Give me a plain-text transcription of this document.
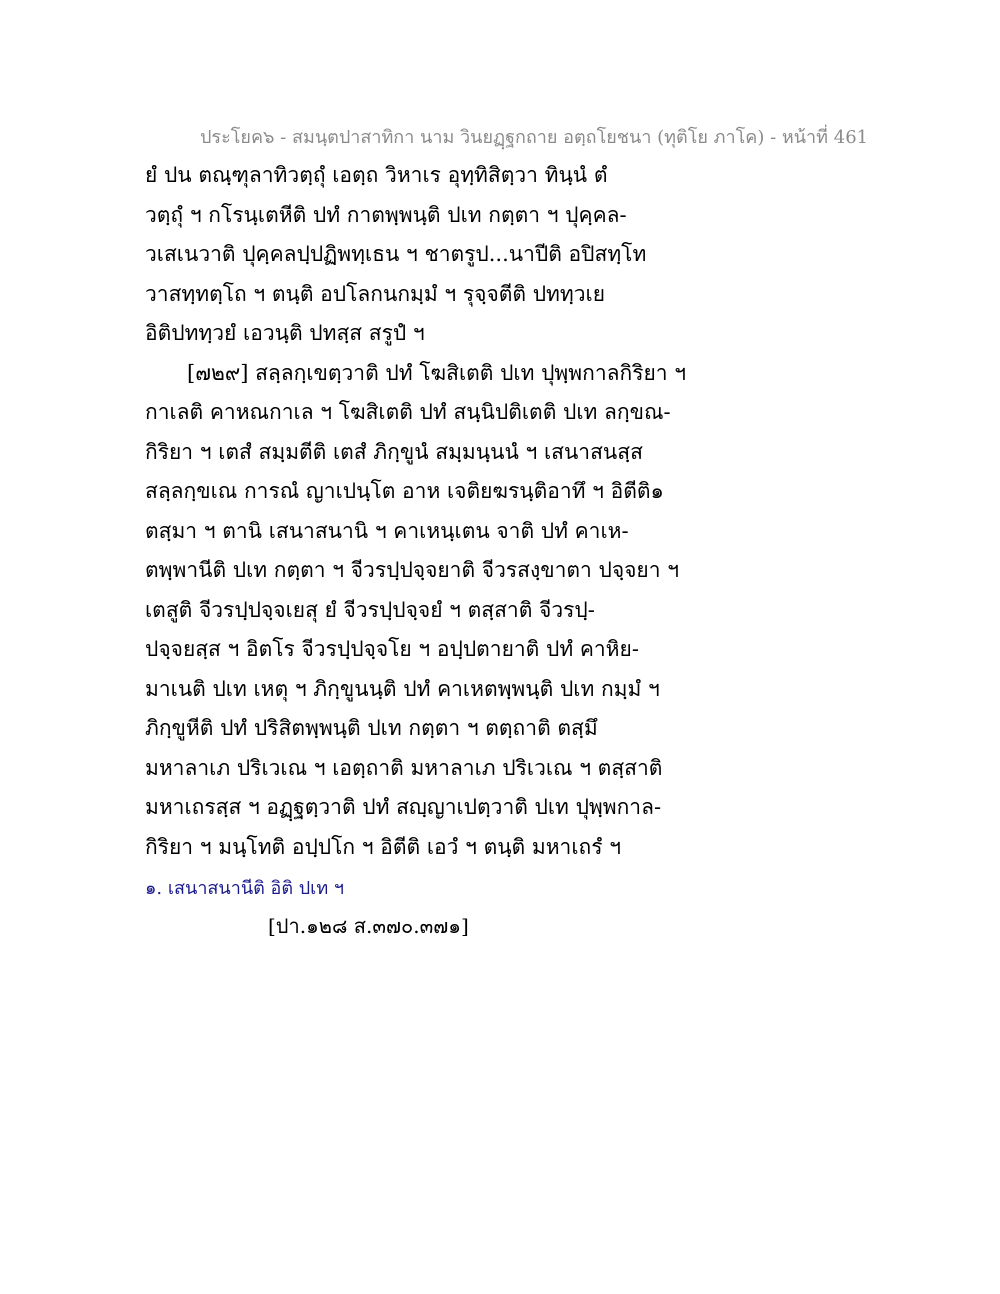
ประโยค๖ - สมนฺตปาสาทิกา นาม วินยฏฺฐกถาย อตฺถโยชนา (ทุติโย ภาโค) - หน้าที่ 461
ยํ ปน ตณฺฑุลาทิวตฺถุํ เอตฺถ วิหาเร อุทฺทิสิตฺวา ทินฺนํ ตํ
วตฺถุํ ฯ กโรนฺเตหีติ ปทํ กาตพฺพนฺติ ปเท กตฺตา ฯ ปุคฺคล-
วเสเนวาติ ปุคฺคลปฺปฏิพทฺเธน ฯ ชาตรูป...นาปีติ อปิสทฺโท
วาสทฺทตฺโถ ฯ ตนฺติ อปโลกนกมฺมํ ฯ รุจฺจตีติ ปททฺวเย
อิติปททฺวยํ เอวนฺติ ปทสฺส สรูปํ ฯ
[๗๒๙] สลฺลกฺเขตฺวาติ ปทํ โฆสิเตติ ปเท ปุพฺพกาลกิริยา ฯ
กาเลติ คาหณกาเล ฯ โฆสิเตติ ปทํ สนฺนิปติเตติ ปเท ลกฺขณ-
กิริยา ฯ เตสํ สมฺมตีติ เตสํ ภิกฺขูนํ สมฺมนฺนนํ ฯ เสนาสนสฺส
สลฺลกฺขเณ การณํ ญาเปนฺโต อาห เจติยฆรนฺติอาทึ ฯ อิตีติ๑
ตสฺมา ฯ ตานิ เสนาสนานิ ฯ คาเหนฺเตน จาติ ปทํ คาเห-
ตพฺพานีติ ปเท กตฺตา ฯ จีวรปฺปจฺจยาติ จีวรสงฺขาตา ปจฺจยา ฯ
เตสูติ จีวรปฺปจฺจเยสุ ยํ จีวรปฺปจฺจยํ ฯ ตสฺสาติ จีวรปฺ-
ปจฺจยสฺส ฯ อิตโร จีวรปฺปจฺจโย ฯ อปฺปตายาติ ปทํ คาหิย-
มาเนติ ปเท เหตุ ฯ ภิกฺขูนนฺติ ปทํ คาเหตพฺพนฺติ ปเท กมฺมํ ฯ
ภิกฺขูหีติ ปทํ ปริสิตพฺพนฺติ ปเท กตฺตา ฯ ตตฺถาติ ตสฺมึ
มหาลาเภ ปริเวเณ ฯ เอตฺถาติ มหาลาเภ ปริเวเณ ฯ ตสฺสาติ
มหาเถรสฺส ฯ อฏฺฐตฺวาติ ปทํ สญฺญาเปตฺวาติ ปเท ปุพฺพกาล-
กิริยา ฯ มนฺโทติ อปฺปโก ฯ อิตีติ เอวํ ฯ ตนฺติ มหาเถรํ ฯ
๑. เสนาสนานีติ อิติ ปเท ฯ
[ปา.๑๒๘ ส.๓๗๐.๓๗๑]
